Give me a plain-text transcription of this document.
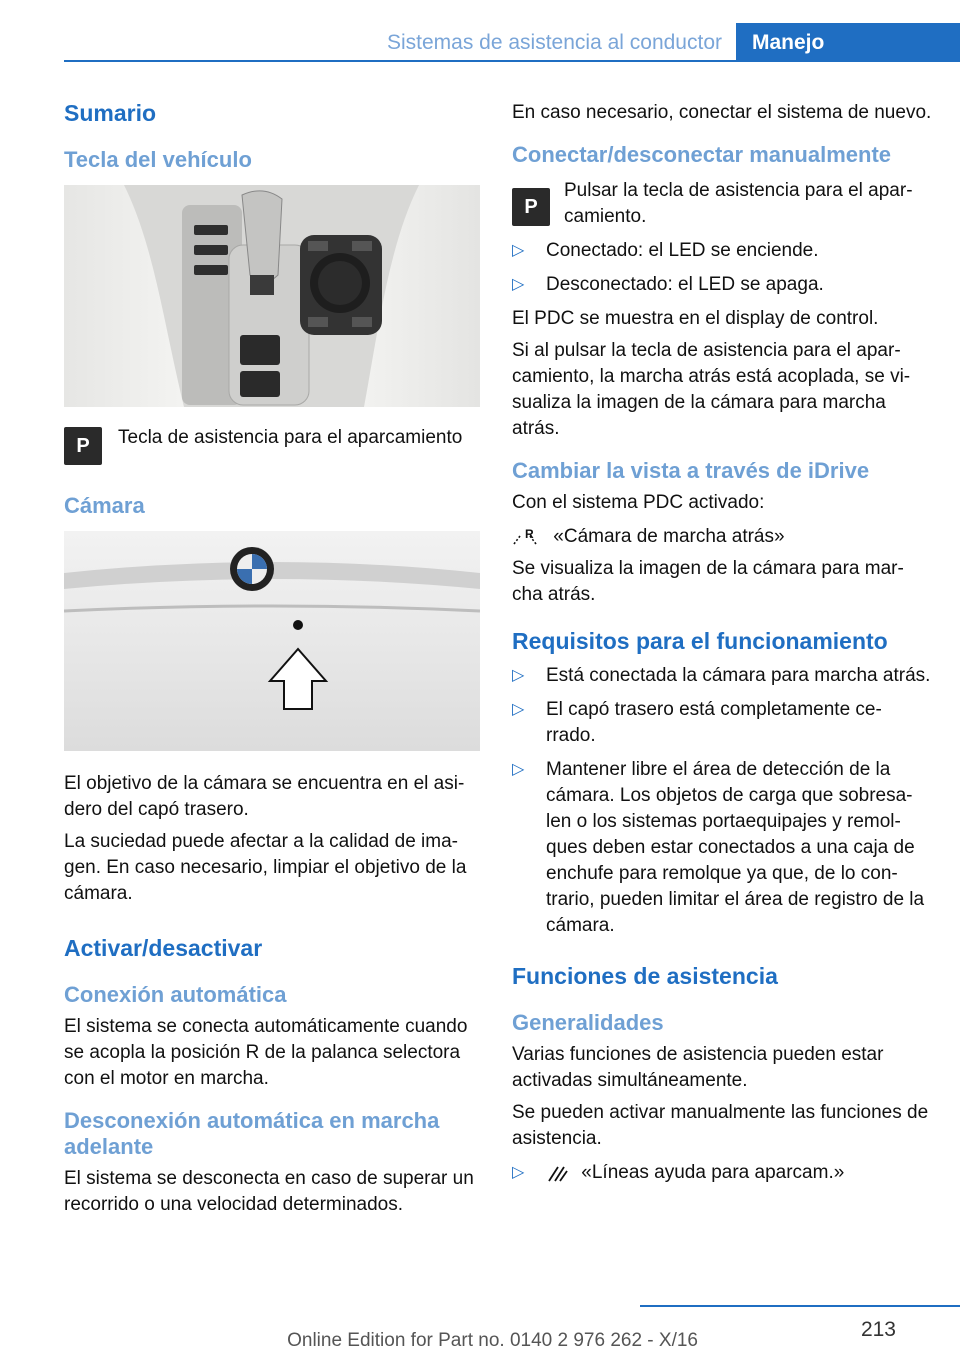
Sistemas de asistencia al conductor	Manejo
Sumario
Tecla del vehículo
P	Tecla de asistencia para el aparcamiento

Cámara

El objetivo de la cámara se encuentra en el asi‐ dero del capó trasero.

La suciedad puede afectar a la calidad de ima‐ gen. En caso necesario, limpiar el objetivo de la cámara.

Activar/desactivar
Conexión automática

El sistema se conecta automáticamente cuando se acopla la posición R de la palanca selectora con el motor en marcha.

Desconexión automática en marcha adelante

El sistema se desconecta en caso de superar un recorrido o una velocidad determinados.

En caso necesario, conectar el sistema de nuevo.

Conectar/desconectar manualmente
P

Pulsar la tecla de asistencia para el apar‐ camiento.

▷ Conectado: el LED se enciende.
▷ Desconectado: el LED se apaga.

El PDC se muestra en el display de control.

Si al pulsar la tecla de asistencia para el apar‐ camiento, la marcha atrás está acoplada, se vi‐ sualiza la imagen de la cámara para marcha atrás.

Cambiar la vista a través de iDrive

Con el sistema PDC activado:

R «Cámara de marcha atrás»

Se visualiza la imagen de la cámara para mar‐ cha atrás.

Requisitos para el funcionamiento
▷ Está conectada la cámara para marcha atrás.
▷ El capó trasero está completamente ce‐ rrado.
▷ Mantener libre el área de detección de la cámara. Los objetos de carga que sobresa‐ len o los sistemas portaequipajes y remol‐ ques deben estar conectados a una caja de enchufe para remolque ya que, de lo con‐ trario, pueden limitar el área de registro de la cámara.
Funciones de asistencia
Generalidades

Varias funciones de asistencia pueden estar activadas simultáneamente.

Se pueden activar manualmente las funciones de asistencia.

▷	«Líneas ayuda para aparcam.»
213
Online Edition for Part no. 0140 2 976 262 - X/16
